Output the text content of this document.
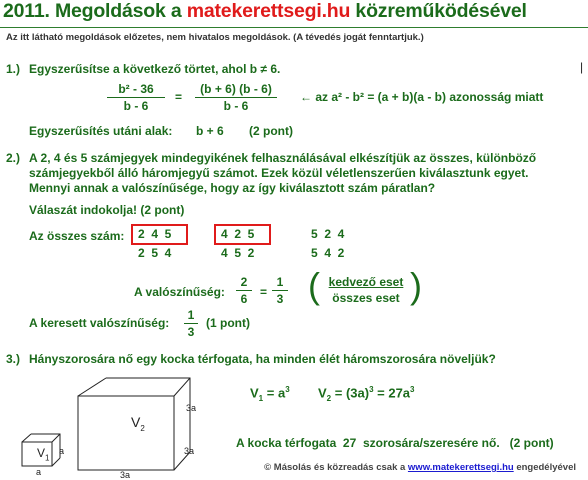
2011. Megoldások a matekerettsegi.hu közreműködésével
Az itt látható megoldások előzetes, nem hivatalos megoldások. (A tévedés jogát fenntartjuk.)
1.) Egyszerűsítse a következő törtet, ahol b ≠ 6.	|
$\frac{\text{b² - 36}}{b - 6} = \frac{(b + 6) (b - 6)}{b - 6}$ ← az a² - b² = (a + b)(a - b) azonosság miatt
Egyszerűsítés utáni alak: b + 6 (2 pont)
2.) A 2, 4 és 5 számjegyek mindegyikének felhasználásával elkészítjük az összes, különböző
számjegyekből álló háromjegyű számot. Ezek közül véletlenszerűen kiválasztunk egyet.
Mennyi annak a valószínűsége, hogy az így kiválasztott szám páratlan?
Válaszát indokolja! (2 pont)
Az összes szám: 2  4  5
2  5  4
4  2  5
4  5  2
5  2  4
5  4  2
A valószínűség: $\frac{2}{6} = \frac{1}{3}$ ( kedvező eset
összes eset )
A keresett valószínűség: $\frac{1}{3} (1$ pont)
3.) Hányszorosára nő egy kocka térfogata, ha minden élét háromszorosára növeljük?
$V_2$
$V_1$
3a
3a
3a
a
a
$V_1 = a^3$ $V_2 = (3a)^3 = 27a^3$
A kocka térfogata  27  szorosára/szeresére nő.   (2 pont)
© Másolás és közreadás csak a www.matekerettsegi.hu engedélyével
